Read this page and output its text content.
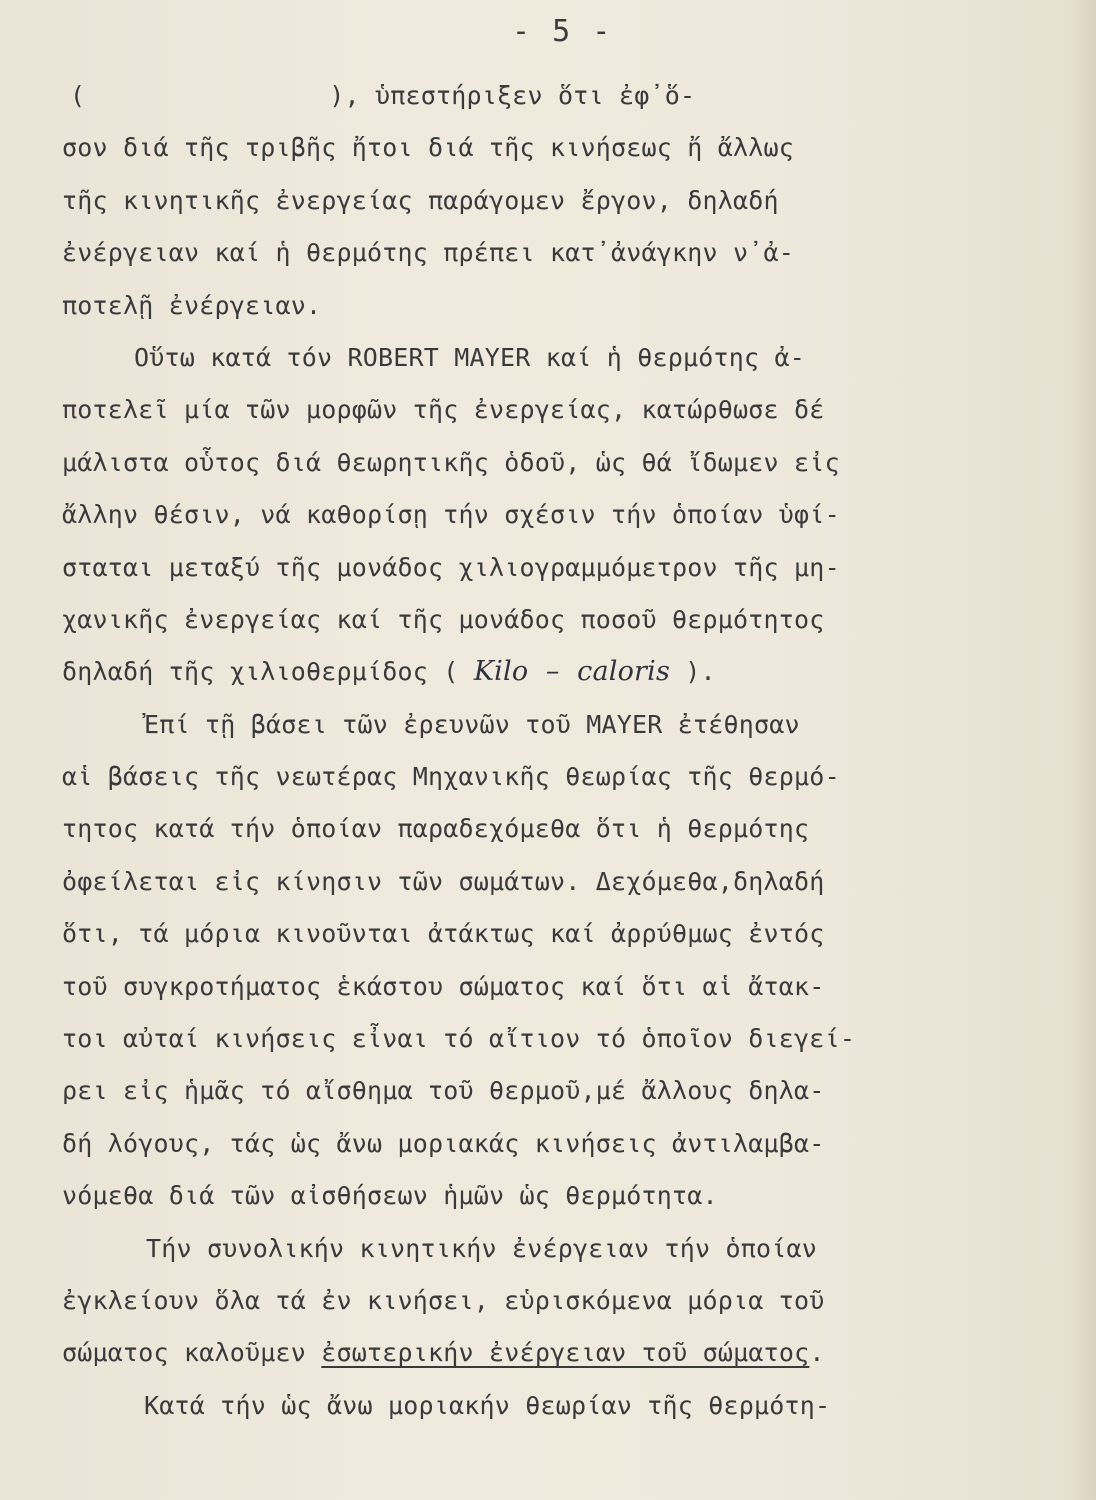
- 5 -
(                ), ὑπεστήριξεν ὅτι ἐφ᾿ὅ-
σον διά τῆς τριβῆς ἤτοι διά τῆς κινήσεως ἤ ἄλλως
τῆς κινητικῆς ἐνεργείας παράγομεν ἔργον, δηλαδή
ἐνέργειαν καί ἡ θερμότης πρέπει κατ᾿ἀνάγκην ν᾿ἀ-
ποτελῇ ἐνέργειαν.
Οὕτω κατά τόν ROBERT MAYER καί ἡ θερμότης ἀ-
ποτελεῖ μία τῶν μορφῶν τῆς ἐνεργείας, κατώρθωσε δέ
μάλιστα οὗτος διά θεωρητικῆς ὁδοῦ, ὡς θά ἴδωμεν εἰς
ἄλλην θέσιν, νά καθορίσῃ τήν σχέσιν τήν ὁποίαν ὑφί-
σταται μεταξύ τῆς μονάδος χιλιογραμμόμετρον τῆς μη-
χανικῆς ἐνεργείας καί τῆς μονάδος ποσοῦ θερμότητος
δηλαδή τῆς χιλιοθερμίδος ( Kilo  –  caloris ).
Ἐπί τῇ βάσει τῶν ἐρευνῶν τοῦ MAYER ἐτέθησαν
αἱ βάσεις τῆς νεωτέρας Μηχανικῆς θεωρίας τῆς θερμό-
τητος κατά τήν ὁποίαν παραδεχόμεθα ὅτι ἡ θερμότης
ὀφείλεται εἰς κίνησιν τῶν σωμάτων. Δεχόμεθα,δηλαδή
ὅτι, τά μόρια κινοῦνται ἀτάκτως καί ἀρρύθμως ἐντός
τοῦ συγκροτήματος ἑκάστου σώματος καί ὅτι αἱ ἄτακ-
τοι αὐταί κινήσεις εἶναι τό αἴτιον τό ὁποῖον διεγεί-
ρει εἰς ἡμᾶς τό αἴσθημα τοῦ θερμοῦ,μέ ἄλλους δηλα-
δή λόγους, τάς ὡς ἄνω μοριακάς κινήσεις ἀντιλαμβα-
νόμεθα διά τῶν αἰσθήσεων ἡμῶν ὡς θερμότητα.
Τήν συνολικήν κινητικήν ἐνέργειαν τήν ὁποίαν
ἐγκλείουν ὅλα τά ἐν κινήσει, εὑρισκόμενα μόρια τοῦ
σώματος καλοῦμεν ἐσωτερικήν ἐνέργειαν τοῦ σώματος.
Κατά τήν ὡς ἄνω μοριακήν θεωρίαν τῆς θερμότη-
